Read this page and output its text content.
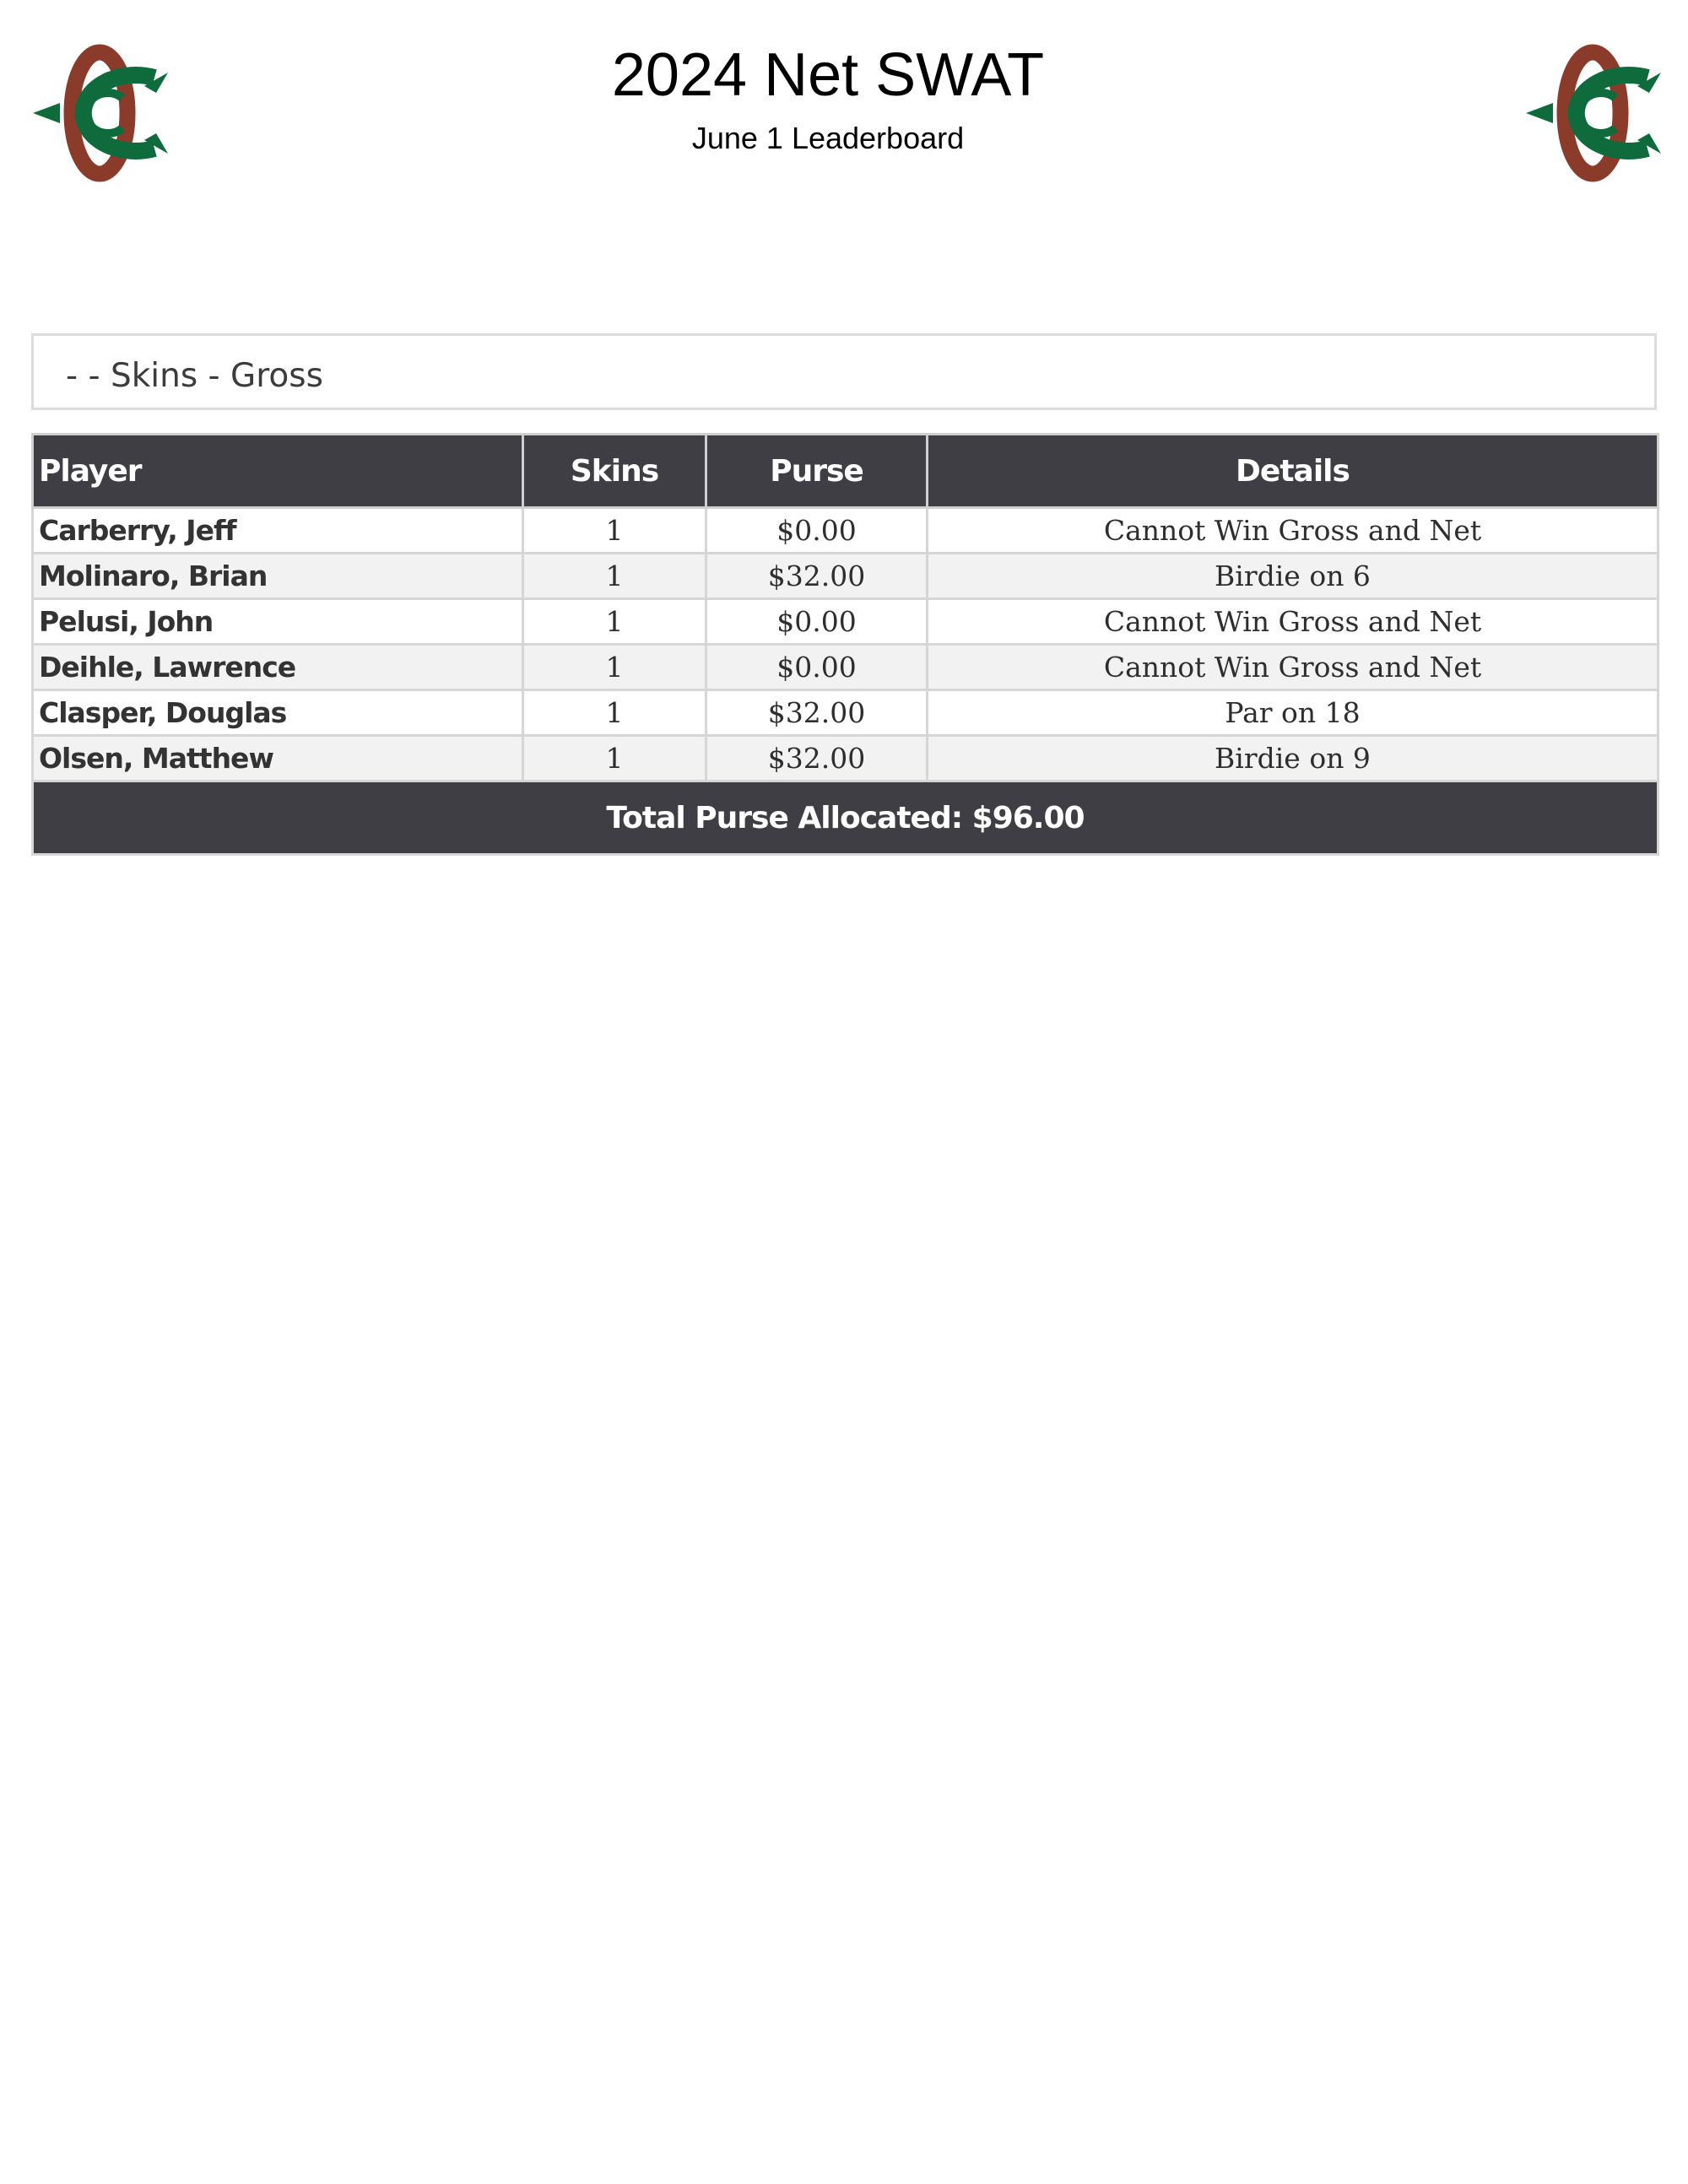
2024 Net SWAT
June 1 Leaderboard
- - Skins - Gross
Player	Skins	Purse	Details
Carberry, Jeff	1	$0.00	Cannot Win Gross and Net
Molinaro, Brian	1	$32.00	Birdie on 6
Pelusi, John	1	$0.00	Cannot Win Gross and Net
Deihle, Lawrence	1	$0.00	Cannot Win Gross and Net
Clasper, Douglas	1	$32.00	Par on 18
Olsen, Matthew	1	$32.00	Birdie on 9
Total Purse Allocated: $96.00			
